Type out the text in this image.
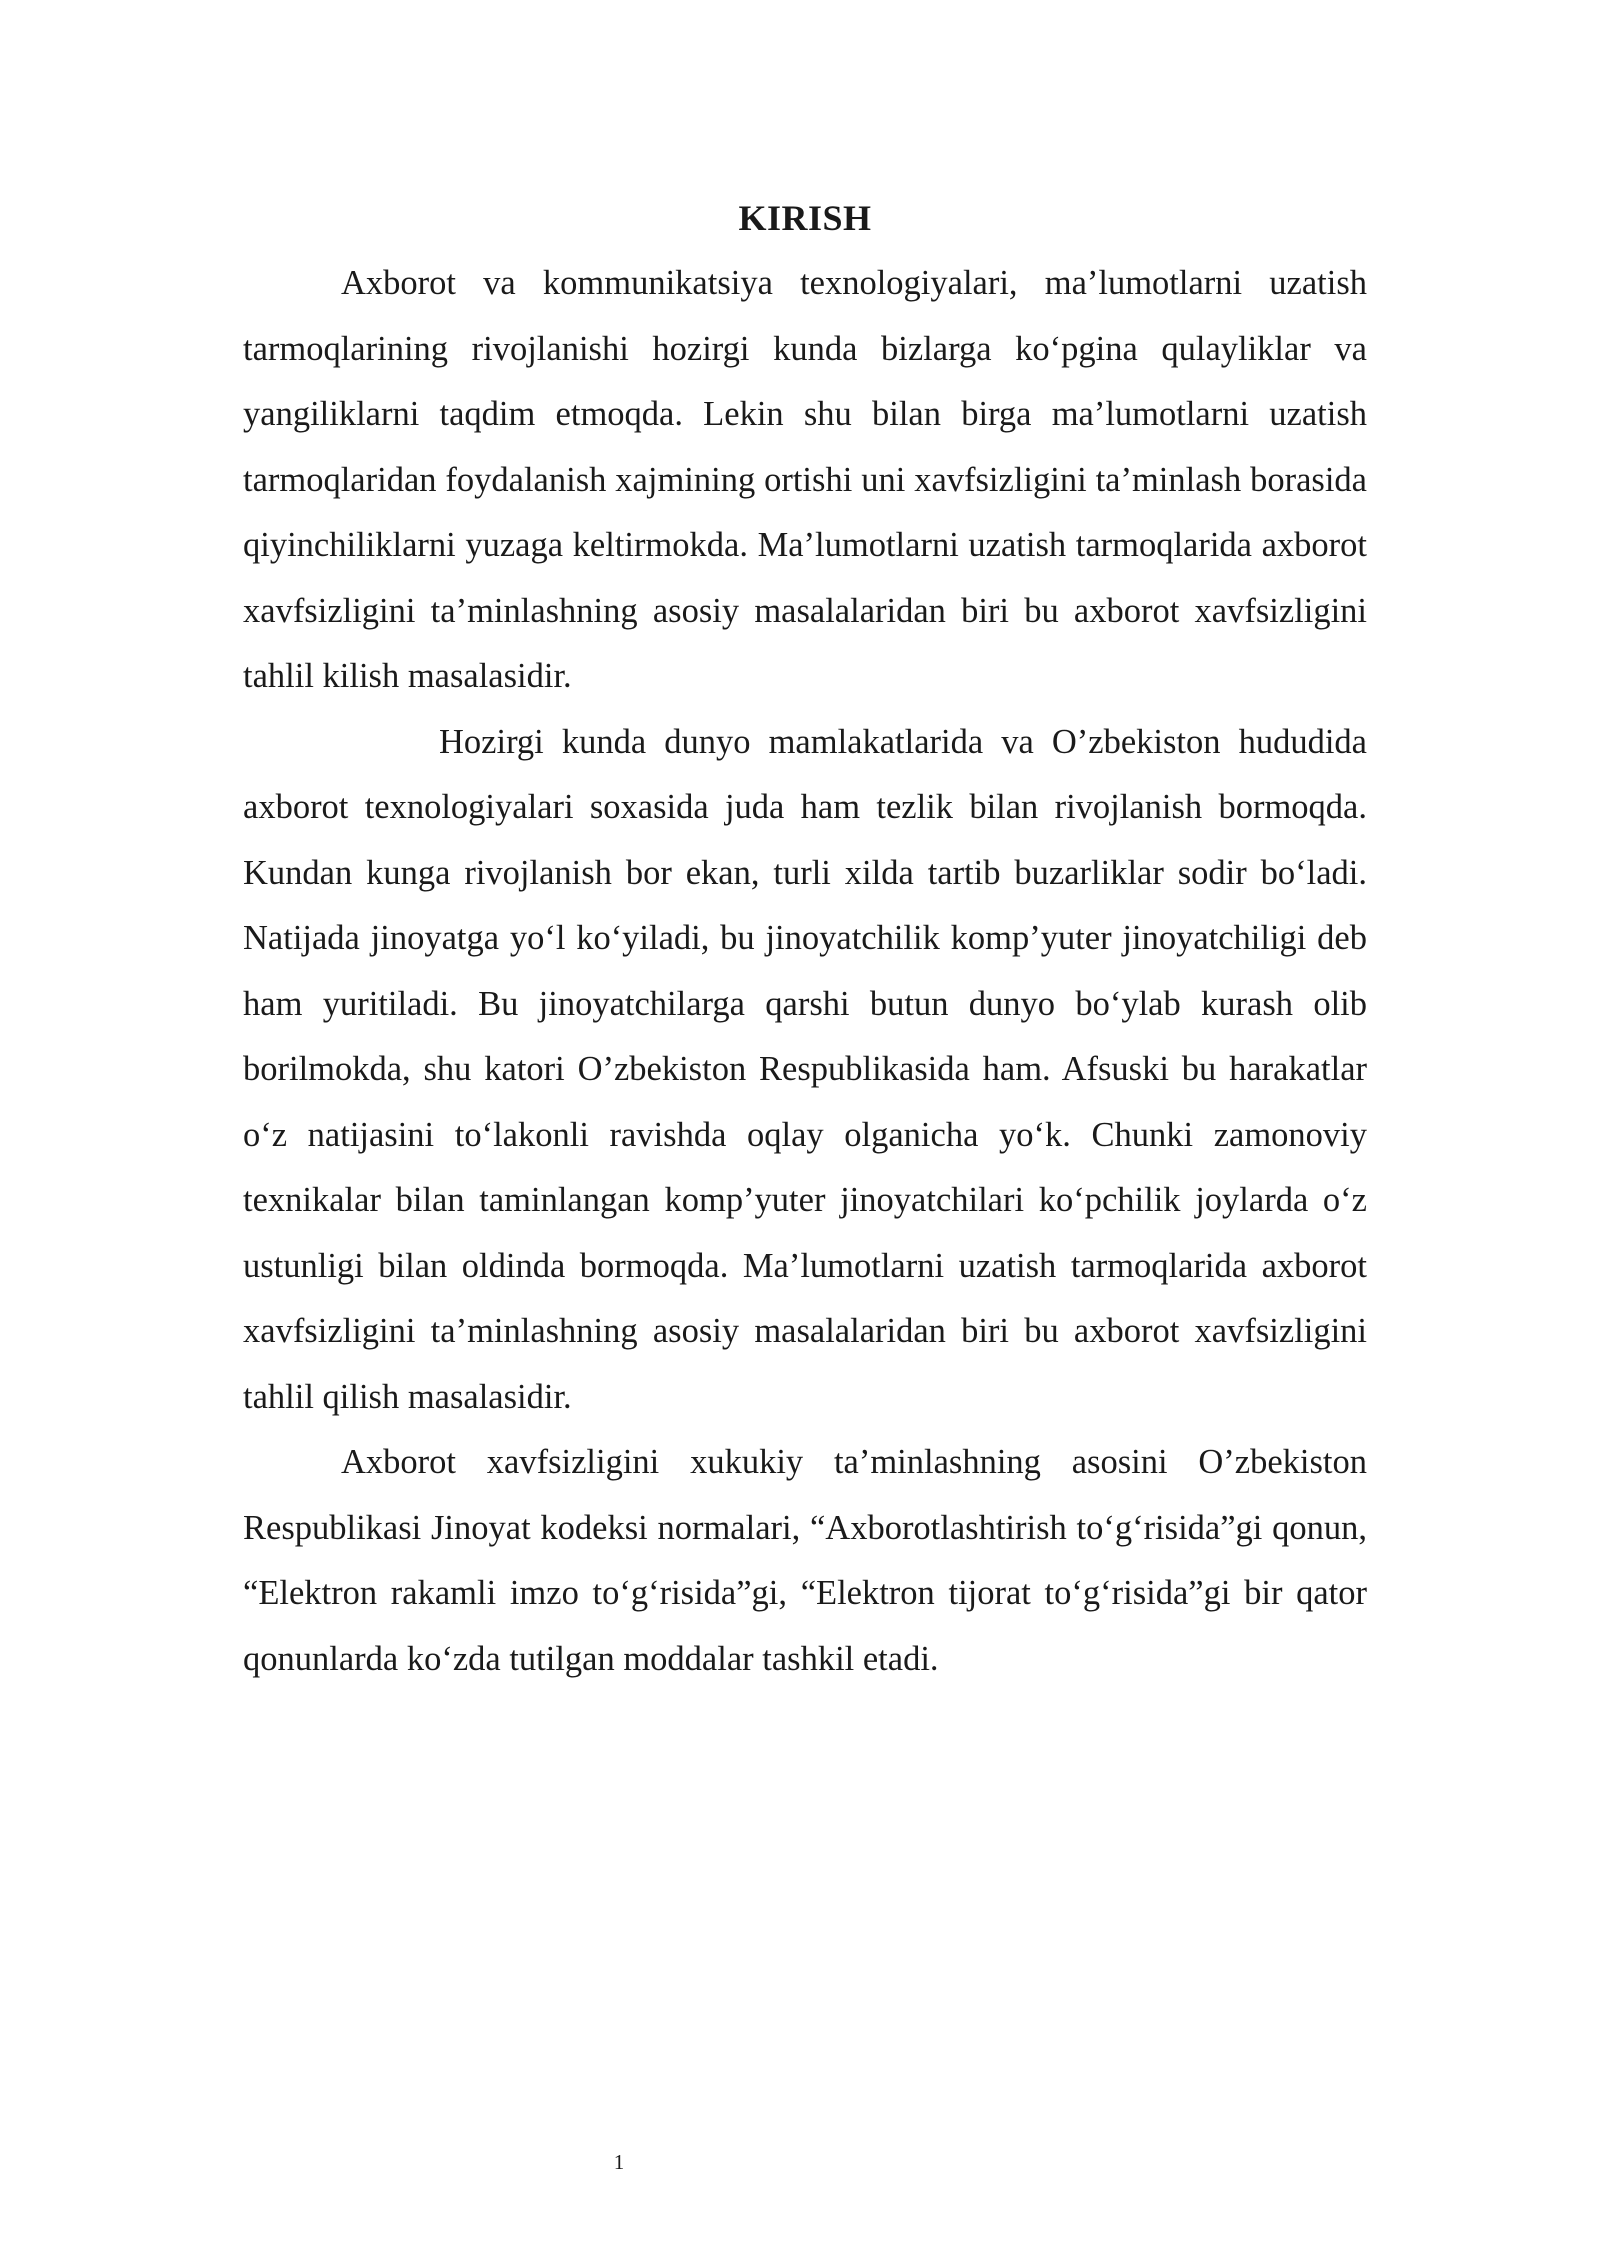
KIRISH

Axborot va kommunikatsiya texnologiyalari, ma’lumotlarni uzatish tarmoqlarining rivojlanishi hozirgi kunda bizlarga ko‘pgina qulayliklar va yangiliklarni taqdim etmoqda. Lekin shu bilan birga ma’lumotlarni uzatish tarmoqlaridan foydalanish xajmining ortishi uni xavfsizligini ta’minlash borasida qiyinchiliklarni yuzaga keltirmokda. Ma’lumotlarni uzatish tarmoqlarida axborot xavfsizligini ta’minlashning asosiy masalalaridan biri bu axborot xavfsizligini tahlil kilish masalasidir.

Hozirgi kunda dunyo mamlakatlarida va O’zbekiston hududida axborot texnologiyalari soxasida juda ham tezlik bilan rivojlanish bormoqda. Kundan kunga rivojlanish bor ekan, turli xilda tartib buzarliklar sodir bo‘ladi. Natijada jinoyatga yo‘l ko‘yiladi, bu jinoyatchilik komp’yuter jinoyatchiligi deb ham yuritiladi. Bu jinoyatchilarga qarshi butun dunyo bo‘ylab kurash olib borilmokda, shu katori O’zbekiston Respublikasida ham. Afsuski bu harakatlar o‘z natijasini to‘lakonli ravishda oqlay olganicha yo‘k. Chunki zamonoviy texnikalar bilan taminlangan komp’yuter jinoyatchilari ko‘pchilik joylarda o‘z ustunligi bilan oldinda bormoqda. Ma’lumotlarni uzatish tarmoqlarida axborot xavfsizligini ta’minlashning asosiy masalalaridan biri bu axborot xavfsizligini tahlil qilish masalasidir.

Axborot xavfsizligini xukukiy ta’minlashning asosini O’zbekiston Respublikasi Jinoyat kodeksi normalari, “Axborotlashtirish to‘g‘risida”gi qonun, “Elektron rakamli imzo to‘g‘risida”gi, “Elektron tijorat to‘g‘risida”gi bir qator qonunlarda ko‘zda tutilgan moddalar tashkil etadi.

1
